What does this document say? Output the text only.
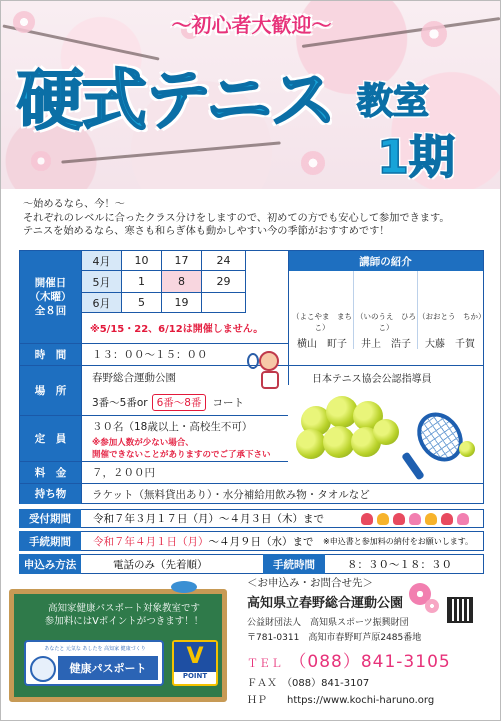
〜初心者大歓迎〜
硬式テニス 教室
1期
〜始めるなら、今！〜
それぞれのレベルに合ったクラス分けをしますので、初めての方でも安心して参加できます。
テニスを始めるなら、寒さも和らぎ体も動かしやすい今の季節がおすすめです！
開催日
（木曜）
全８回
4月	10	17	24
5月	1	8	29
6月	5	19
※5/15・22、6/12は開催しません。
講師の紹介
（よこやま　まちこ）
（いのうえ　ひろこ）
（おおとう　ちか）
横山　町子	井上　浩子	大藤　千賀
時　間	１３：００〜１５：００
場　所
春野総合運動公園
3番〜5番or 6番〜8番	コート
日本テニス協会公認指導員
定　員
３０名（18歳以上・高校生不可）
※参加人数が少ない場合、
開催できないことがありますのでご了承下さい
料　金	７，２００円
持ち物	ラケット（無料貸出あり）・水分補給用飲み物・タオルなど
受付期間	令和７年３月１７日（月）〜４月３日（木）まで
手続期間	令和７年４月１日（月） 〜４月９日（水）まで ※申込書と参加料の納付をお願いします。
申込み方法	電話のみ（先着順）	手続時間	８：３０〜１８：３０
高知家健康パスポート対象教室です
参加料にはVポイントがつきます！！
あなたと 元気な あしたを 高知家 健康づくり
健康パスポート	V
POINT
＜お申込み・お問合せ先＞
高知県立春野総合運動公園
公益財団法人　高知県スポーツ振興財団
〒781-0311　高知市春野町芦原2485番地
ＴＥＬ （088）841-3105
ＦＡＸ　（088）841-3107
ＨＰ　　https://www.kochi-haruno.org
